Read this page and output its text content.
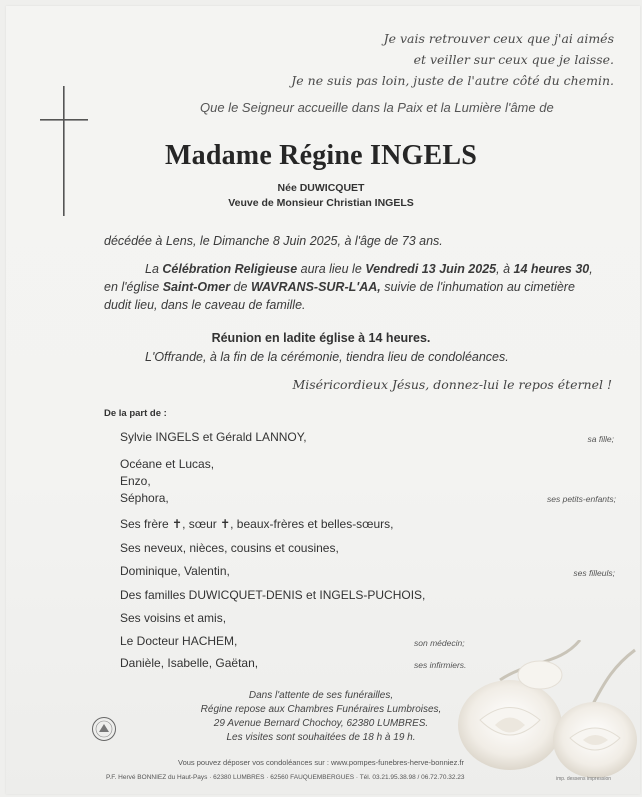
Je vais retrouver ceux que j'ai aimés
et veiller sur ceux que je laisse.
Je ne suis pas loin, juste de l'autre côté du chemin.
Que le Seigneur accueille dans la Paix et la Lumière l'âme de
Madame Régine INGELS
Née DUWICQUET
Veuve de Monsieur Christian INGELS
décédée à Lens, le Dimanche 8 Juin 2025, à l'âge de 73 ans.
La Célébration Religieuse aura lieu le Vendredi 13 Juin 2025, à 14 heures 30,
en l'église Saint-Omer de WAVRANS-SUR-L'AA, suivie de l'inhumation au cimetière
dudit lieu, dans le caveau de famille.
Réunion en ladite église à 14 heures.
L'Offrande, à la fin de la cérémonie, tiendra lieu de condoléances.
Miséricordieux Jésus, donnez-lui le repos éternel !
De la part de :
Sylvie INGELS et Gérald LANNOY,	sa fille;
Océane et Lucas,
Enzo,
Séphora,	ses petits-enfants;
Ses frère ✝, sœur ✝, beaux-frères et belles-sœurs,
Ses neveux, nièces, cousins et cousines,
Dominique, Valentin,	ses filleuls;
Des familles DUWICQUET-DENIS et INGELS-PUCHOIS,
Ses voisins et amis,
Le Docteur HACHEM,	son médecin;
Danièle, Isabelle, Gaëtan,	ses infirmiers.
Dans l'attente de ses funérailles,
Régine repose aux Chambres Funéraires Lumbroises,
29 Avenue Bernard Chochoy, 62380 LUMBRES.
Les visites sont souhaitées de 18 h à 19 h.
Vous pouvez déposer vos condoléances sur : www.pompes-funebres-herve-bonniez.fr
P.F. Hervé BONNIEZ du Haut-Pays · 62380 LUMBRES · 62560 FAUQUEMBERGUES · Tél. 03.21.95.38.98 / 06.72.70.32.23	imp. dessens impression
